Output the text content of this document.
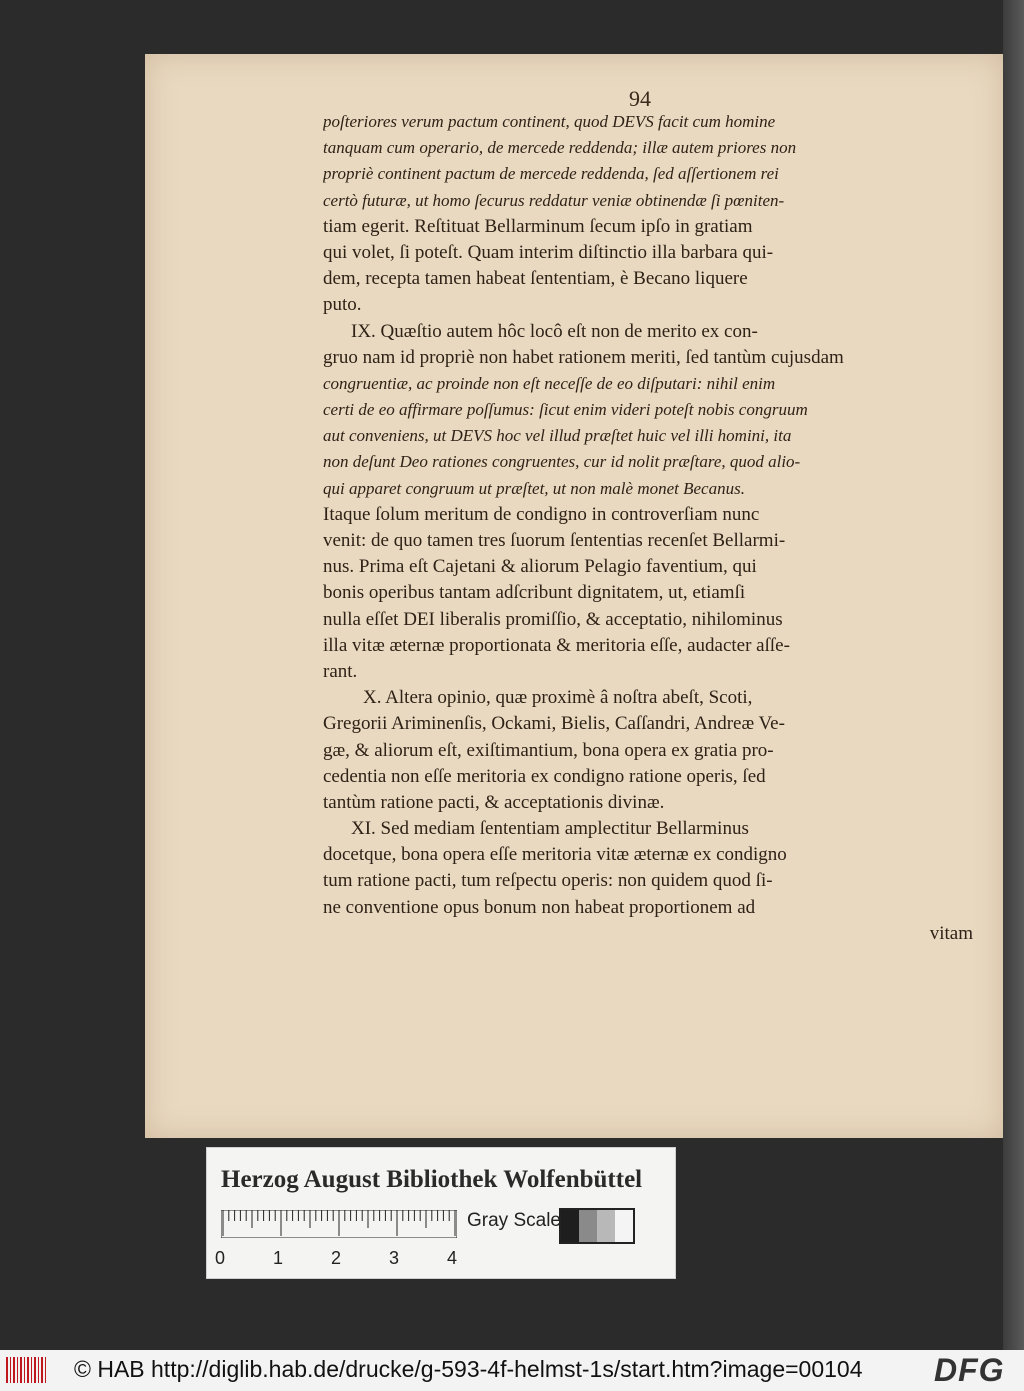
94
poſteriores verum pactum continent, quod DEVS facit cum homine
tanquam cum operario, de mercede reddenda; illæ autem priores non
propriè continent pactum de mercede reddenda, ſed aſſertionem rei
certò futuræ, ut homo ſecurus reddatur veniæ obtinendæ ſi pœniten-
tiam egerit. Reſtituat Bellarminum ſecum ipſo in gratiam
qui volet, ſi poteſt. Quam interim diſtinctio illa barbara qui-
dem, recepta tamen habeat ſententiam, è Becano liquere
puto.
IX. Quæſtio autem hôc locô eſt non de merito ex con-
gruo nam id propriè non habet rationem meriti, ſed tantùm cujusdam
congruentiæ, ac proinde non eſt neceſſe de eo diſputari: nihil enim
certi de eo affirmare poſſumus: ſicut enim videri poteſt nobis congruum
aut conveniens, ut DEVS hoc vel illud præſtet huic vel illi homini, ita
non deſunt Deo rationes congruentes, cur id nolit præſtare, quod alio-
qui apparet congruum ut præſtet, ut non malè monet Becanus.
Itaque ſolum meritum de condigno in controverſiam nunc
venit: de quo tamen tres ſuorum ſententias recenſet Bellarmi-
nus. Prima eſt Cajetani & aliorum Pelagio faventium, qui
bonis operibus tantam adſcribunt dignitatem, ut, etiamſi
nulla eſſet DEI liberalis promiſſio, & acceptatio, nihilominus
illa vitæ æternæ proportionata & meritoria eſſe, audacter aſſe-
rant.
X. Altera opinio, quæ proximè â noſtra abeſt, Scoti,
Gregorii Ariminenſis, Ockami, Bielis, Caſſandri, Andreæ Ve-
gæ, & aliorum eſt, exiſtimantium, bona opera ex gratia pro-
cedentia non eſſe meritoria ex condigno ratione operis, ſed
tantùm ratione pacti, & acceptationis divinæ.
XI. Sed mediam ſententiam amplectitur Bellarminus
docetque, bona opera eſſe meritoria vitæ æternæ ex condigno
tum ratione pacti, tum reſpectu operis: non quidem quod ſi-
ne conventione opus bonum non habeat proportionem ad
vitam
Herzog August Bibliothek Wolfenbüttel
0	1	2	3	4
Gray Scale
© HAB http://diglib.hab.de/drucke/g-593-4f-helmst-1s/start.htm?image=00104 DFG
